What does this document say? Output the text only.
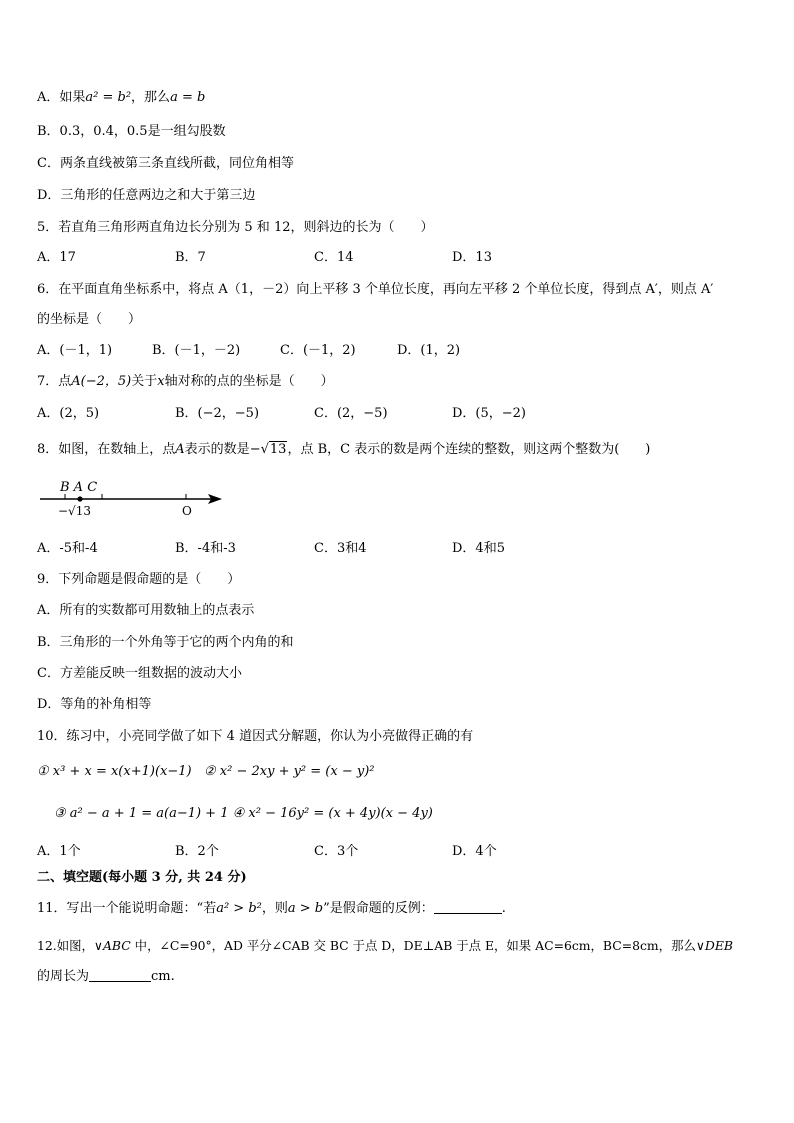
A．如果a² = b²，那么a = b
B．0.3，0.4，0.5是一组勾股数
C．两条直线被第三条直线所截，同位角相等
D．三角形的任意两边之和大于第三边
5．若直角三角形两直角边长分别为 5 和 12，则斜边的长为（　　）
A．17	B．7	C．14	D．13
6．在平面直角坐标系中，将点 A（1，－2）向上平移 3 个单位长度，再向左平移 2 个单位长度，得到点 A′，则点 A′
的坐标是（　　）
A．(－1，1)	B．(－1，－2)	C．(－1，2)	D．(1，2)
7．点A(−2，5)关于x轴对称的点的坐标是（　　）
A．(2，5)	B．(−2，−5)	C．(2，−5)	D．(5，−2)
8．如图，在数轴上，点A表示的数是−√13，点 B，C 表示的数是两个连续的整数，则这两个整数为(　　)
B A C
−√13	O
A．-5和-4	B．-4和-3	C．3和4	D．4和5
9．下列命题是假命题的是（　　）
A．所有的实数都可用数轴上的点表示
B．三角形的一个外角等于它的两个内角的和
C．方差能反映一组数据的波动大小
D．等角的补角相等
10．练习中，小亮同学做了如下 4 道因式分解题，你认为小亮做得正确的有
① x³ + x = x(x+1)(x−1) ② x² − 2xy + y² = (x − y)²
③ a² − a + 1 = a(a−1) + 1 ④ x² − 16y² = (x + 4y)(x − 4y)
A．1个	B．2个	C．3个	D．4个
二、填空题(每小题 3 分, 共 24 分)
11．写出一个能说明命题：“若a² > b²，则a > b”是假命题的反例：	.
12.如图，∨ABC 中，∠C=90°，AD 平分∠CAB 交 BC 于点 D，DE⊥AB 于点 E，如果 AC=6cm，BC=8cm，那么∨DEB
的周长为	cm.
